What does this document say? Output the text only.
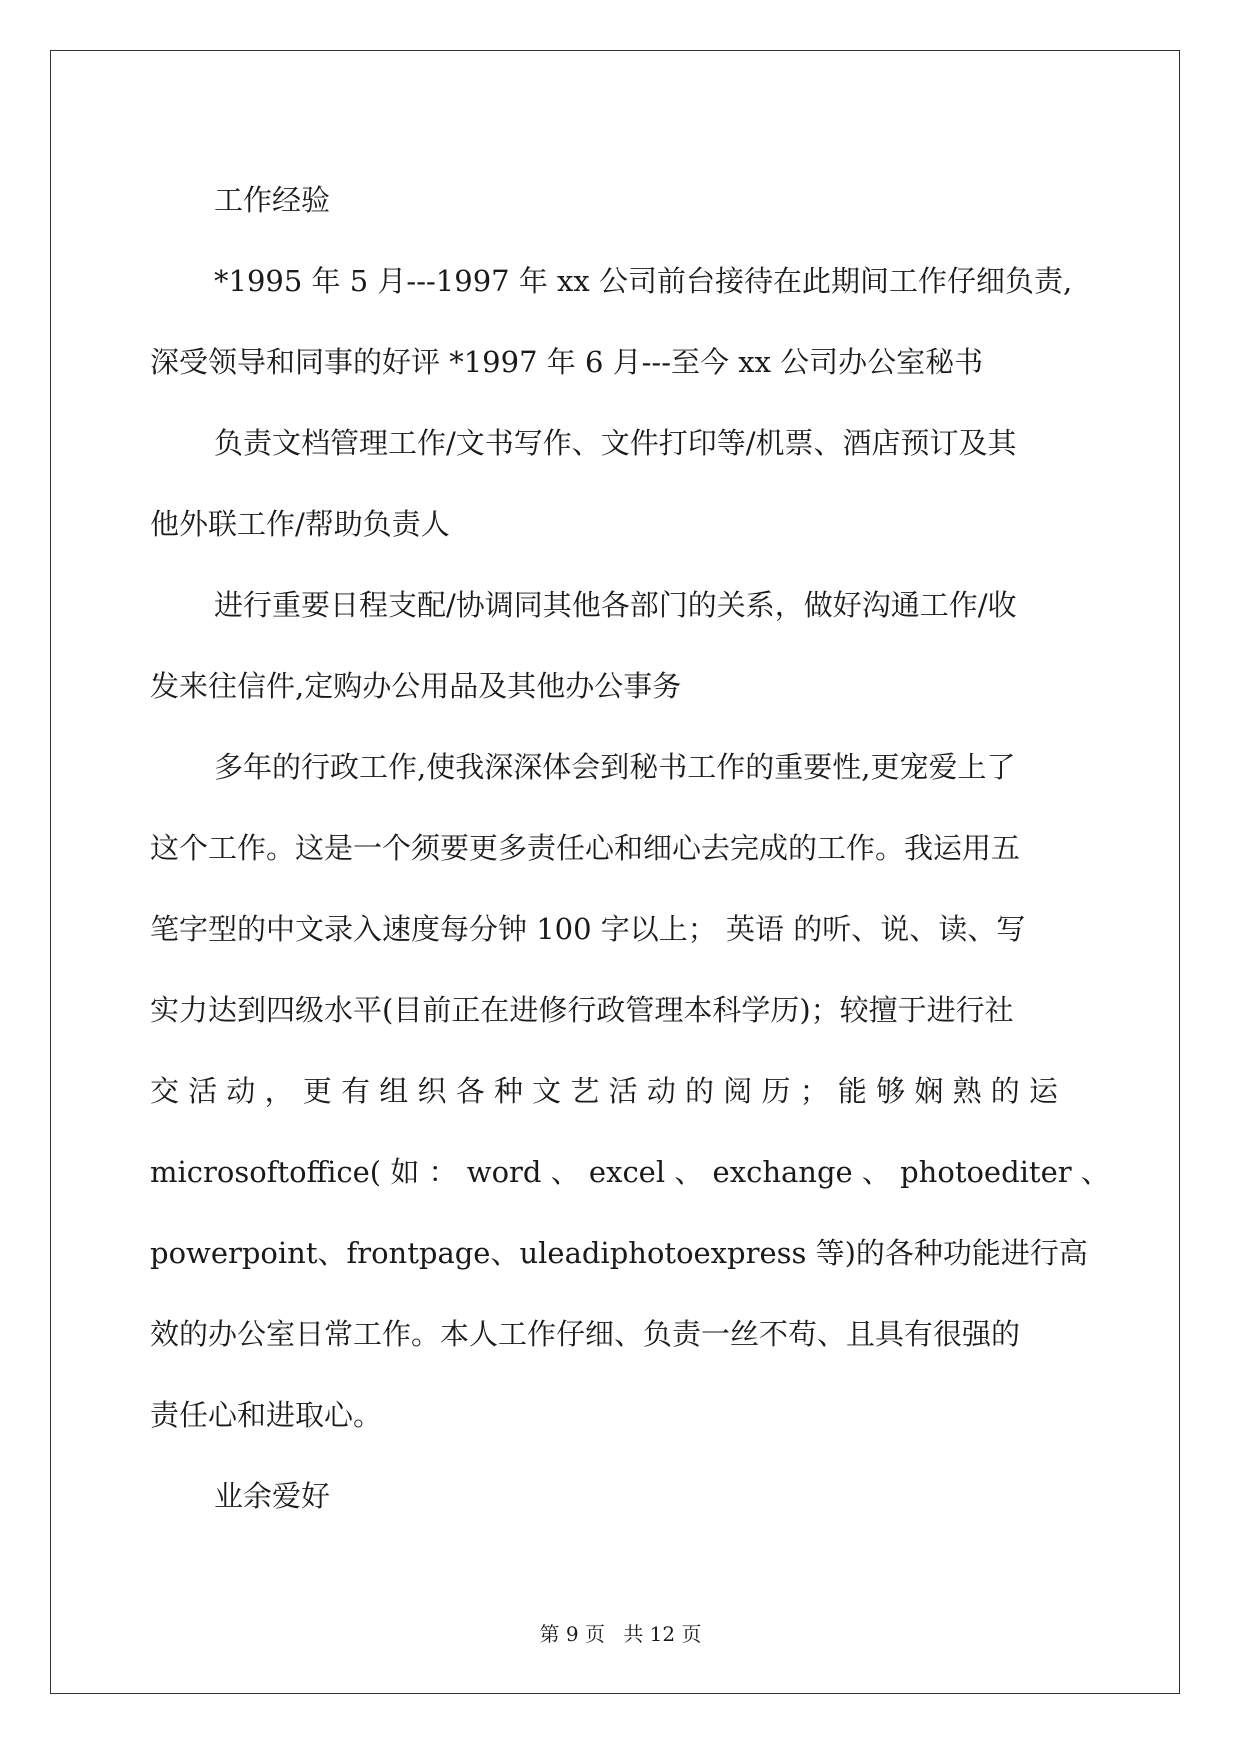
工作经验

*1995 年 5 月---1997 年 xx 公司前台接待在此期间工作仔细负责,
深受领导和同事的好评 *1997 年 6 月---至今 xx 公司办公室秘书

负责文档管理工作/文书写作、文件打印等/机票、酒店预订及其
他外联工作/帮助负责人

进行重要日程支配/协调同其他各部门的关系，做好沟通工作/收
发来往信件,定购办公用品及其他办公事务

多年的行政工作,使我深深体会到秘书工作的重要性,更宠爱上了
这个工作。这是一个须要更多责任心和细心去完成的工作。我运用五
笔字型的中文录入速度每分钟 100 字以上； 英语 的听、说、读、写
实力达到四级水平(目前正在进修行政管理本科学历)；较擅于进行社
交 活 动 ， 更 有 组 织 各 种 文 艺 活 动 的 阅 历 ； 能 够 娴 熟 的 运
microsoftoffice( 如 ： word 、 excel 、 exchange 、 photoediter 、
powerpoint、frontpage、uleadiphotoexpress 等)的各种功能进行高
效的办公室日常工作。本人工作仔细、负责一丝不苟、且具有很强的
责任心和进取心。

业余爱好

第 9 页 共 12 页
